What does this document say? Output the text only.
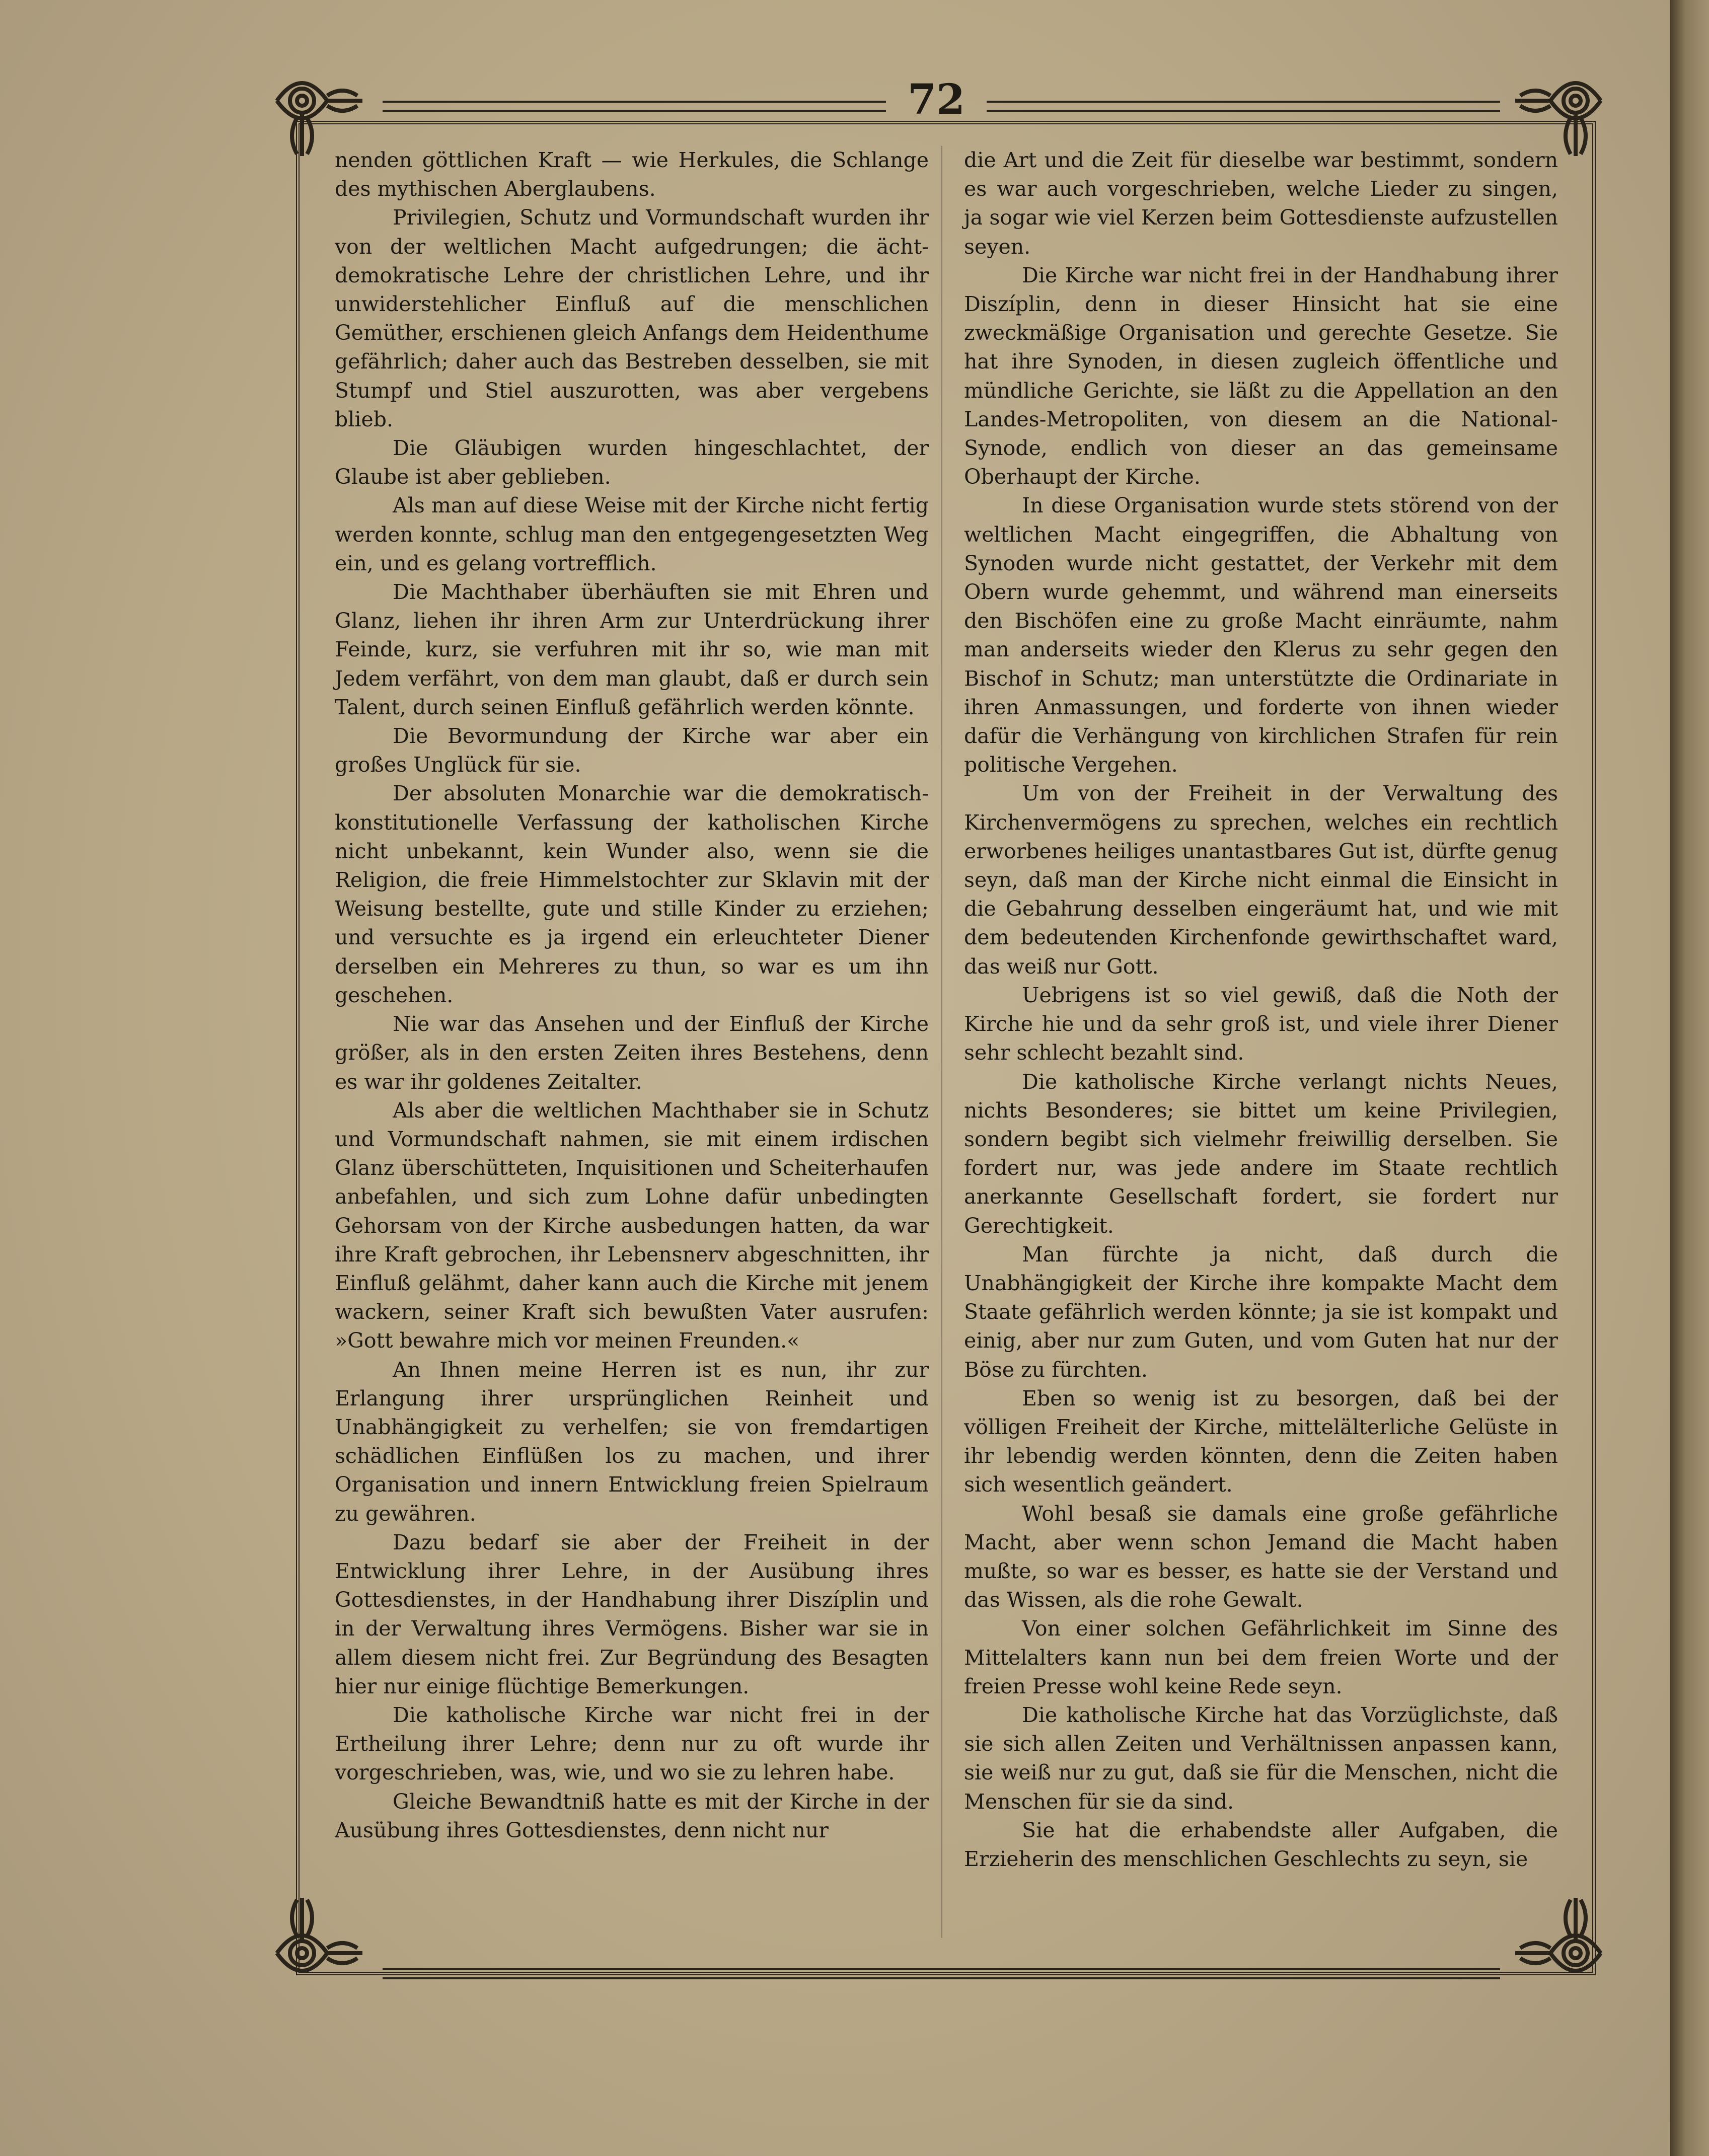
72

nenden göttlichen Kraft — wie Herkules, die Schlange des mythischen Aberglaubens.

Privilegien, Schutz und Vormundschaft wurden ihr von der weltlichen Macht aufgedrungen; die ächt-demokratische Lehre der christlichen Lehre, und ihr unwiderstehlicher Einfluß auf die menschlichen Gemüther, erschienen gleich Anfangs dem Heidenthume gefährlich; daher auch das Bestreben desselben, sie mit Stumpf und Stiel auszurotten, was aber vergebens blieb.

Die Gläubigen wurden hingeschlachtet, der Glaube ist aber geblieben.

Als man auf diese Weise mit der Kirche nicht fertig werden konnte, schlug man den entgegengesetzten Weg ein, und es gelang vortrefflich.

Die Machthaber überhäuften sie mit Ehren und Glanz, liehen ihr ihren Arm zur Unterdrückung ihrer Feinde, kurz, sie verfuhren mit ihr so, wie man mit Jedem verfährt, von dem man glaubt, daß er durch sein Talent, durch seinen Einfluß gefährlich werden könnte.

Die Bevormundung der Kirche war aber ein großes Unglück für sie.

Der absoluten Monarchie war die demokratisch-konstitutionelle Verfassung der katholischen Kirche nicht unbekannt, kein Wunder also, wenn sie die Religion, die freie Himmelstochter zur Sklavin mit der Weisung bestellte, gute und stille Kinder zu erziehen; und versuchte es ja irgend ein erleuchteter Diener derselben ein Mehreres zu thun, so war es um ihn geschehen.

Nie war das Ansehen und der Einfluß der Kirche größer, als in den ersten Zeiten ihres Bestehens, denn es war ihr goldenes Zeitalter.

Als aber die weltlichen Machthaber sie in Schutz und Vormundschaft nahmen, sie mit einem irdischen Glanz überschütteten, Inquisitionen und Scheiterhaufen anbefahlen, und sich zum Lohne dafür unbedingten Gehorsam von der Kirche ausbedungen hatten, da war ihre Kraft gebrochen, ihr Lebensnerv abgeschnitten, ihr Einfluß gelähmt, daher kann auch die Kirche mit jenem wackern, seiner Kraft sich bewußten Vater ausrufen: »Gott bewahre mich vor meinen Freunden.«

An Ihnen meine Herren ist es nun, ihr zur Erlangung ihrer ursprünglichen Reinheit und Unabhängigkeit zu verhelfen; sie von fremdartigen schädlichen Einflüßen los zu machen, und ihrer Organisation und innern Entwicklung freien Spielraum zu gewähren.

Dazu bedarf sie aber der Freiheit in der Entwicklung ihrer Lehre, in der Ausübung ihres Gottesdienstes, in der Handhabung ihrer Diszíplin und in der Verwaltung ihres Vermögens. Bisher war sie in allem diesem nicht frei. Zur Begründung des Besagten hier nur einige flüchtige Bemerkungen.

Die katholische Kirche war nicht frei in der Ertheilung ihrer Lehre; denn nur zu oft wurde ihr vorgeschrieben, was, wie, und wo sie zu lehren habe.

Gleiche Bewandtniß hatte es mit der Kirche in der Ausübung ihres Gottesdienstes, denn nicht nur

die Art und die Zeit für dieselbe war bestimmt, sondern es war auch vorgeschrieben, welche Lieder zu singen, ja sogar wie viel Kerzen beim Gottesdienste aufzustellen seyen.

Die Kirche war nicht frei in der Handhabung ihrer Diszíplin, denn in dieser Hinsicht hat sie eine zweckmäßige Organisation und gerechte Gesetze. Sie hat ihre Synoden, in diesen zugleich öffentliche und mündliche Gerichte, sie läßt zu die Appellation an den Landes-Metropoliten, von diesem an die National-Synode, endlich von dieser an das gemeinsame Oberhaupt der Kirche.

In diese Organisation wurde stets störend von der weltlichen Macht eingegriffen, die Abhaltung von Synoden wurde nicht gestattet, der Verkehr mit dem Obern wurde gehemmt, und während man einerseits den Bischöfen eine zu große Macht einräumte, nahm man anderseits wieder den Klerus zu sehr gegen den Bischof in Schutz; man unterstützte die Ordinariate in ihren Anmassungen, und forderte von ihnen wieder dafür die Verhängung von kirchlichen Strafen für rein politische Vergehen.

Um von der Freiheit in der Verwaltung des Kirchenvermögens zu sprechen, welches ein rechtlich erworbenes heiliges unantastbares Gut ist, dürfte genug seyn, daß man der Kirche nicht einmal die Einsicht in die Gebahrung desselben eingeräumt hat, und wie mit dem bedeutenden Kirchenfonde gewirthschaftet ward, das weiß nur Gott.

Uebrigens ist so viel gewiß, daß die Noth der Kirche hie und da sehr groß ist, und viele ihrer Diener sehr schlecht bezahlt sind.

Die katholische Kirche verlangt nichts Neues, nichts Besonderes; sie bittet um keine Privilegien, sondern begibt sich vielmehr freiwillig derselben. Sie fordert nur, was jede andere im Staate rechtlich anerkannte Gesellschaft fordert, sie fordert nur Gerechtigkeit.

Man fürchte ja nicht, daß durch die Unabhängigkeit der Kirche ihre kompakte Macht dem Staate gefährlich werden könnte; ja sie ist kompakt und einig, aber nur zum Guten, und vom Guten hat nur der Böse zu fürchten.

Eben so wenig ist zu besorgen, daß bei der völligen Freiheit der Kirche, mittelälterliche Gelüste in ihr lebendig werden könnten, denn die Zeiten haben sich wesentlich geändert.

Wohl besaß sie damals eine große gefährliche Macht, aber wenn schon Jemand die Macht haben mußte, so war es besser, es hatte sie der Verstand und das Wissen, als die rohe Gewalt.

Von einer solchen Gefährlichkeit im Sinne des Mittelalters kann nun bei dem freien Worte und der freien Presse wohl keine Rede seyn.

Die katholische Kirche hat das Vorzüglichste, daß sie sich allen Zeiten und Verhältnissen anpassen kann, sie weiß nur zu gut, daß sie für die Menschen, nicht die Menschen für sie da sind.

Sie hat die erhabendste aller Aufgaben, die Erzieherin des menschlichen Geschlechts zu seyn, sie
